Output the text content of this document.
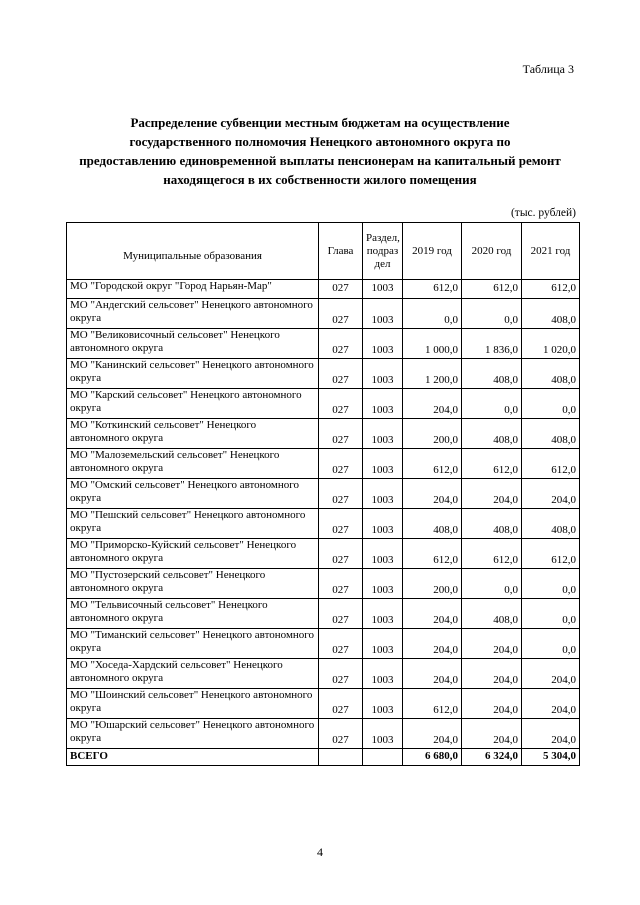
Таблица 3
Распределение субвенции местным бюджетам на осуществление
государственного полномочия Ненецкого автономного округа по
предоставлению единовременной выплаты пенсионерам на капитальный ремонт
находящегося в их собственности жилого помещения
(тыс. рублей)
Муниципальные образования	Глава	Раздел, подраз дел	2019 год	2020 год	2021 год
МО "Городской округ "Город Нарьян-Мар"	027	1003	612,0	612,0	612,0
МО "Андегский сельсовет" Ненецкого автономного округа	027	1003	0,0	0,0	408,0
МО "Великовисочный сельсовет" Ненецкого автономного округа	027	1003	1 000,0	1 836,0	1 020,0
МО "Канинский сельсовет" Ненецкого автономного округа	027	1003	1 200,0	408,0	408,0
МО "Карский сельсовет" Ненецкого автономного округа	027	1003	204,0	0,0	0,0
МО "Коткинский сельсовет" Ненецкого автономного округа	027	1003	200,0	408,0	408,0
МО "Малоземельский сельсовет" Ненецкого автономного округа	027	1003	612,0	612,0	612,0
МО "Омский сельсовет" Ненецкого автономного округа	027	1003	204,0	204,0	204,0
МО "Пешский сельсовет" Ненецкого автономного округа	027	1003	408,0	408,0	408,0
МО "Приморско-Куйский сельсовет" Ненецкого автономного округа	027	1003	612,0	612,0	612,0
МО "Пустозерский сельсовет" Ненецкого автономного округа	027	1003	200,0	0,0	0,0
МО "Тельвисочный сельсовет" Ненецкого автономного округа	027	1003	204,0	408,0	0,0
МО "Тиманский сельсовет" Ненецкого автономного округа	027	1003	204,0	204,0	0,0
МО "Хоседа-Хардский сельсовет" Ненецкого автономного округа	027	1003	204,0	204,0	204,0
МО "Шоинский сельсовет" Ненецкого автономного округа	027	1003	612,0	204,0	204,0
МО "Юшарский сельсовет" Ненецкого автономного округа	027	1003	204,0	204,0	204,0
ВСЕГО			6 680,0	6 324,0	5 304,0
4
